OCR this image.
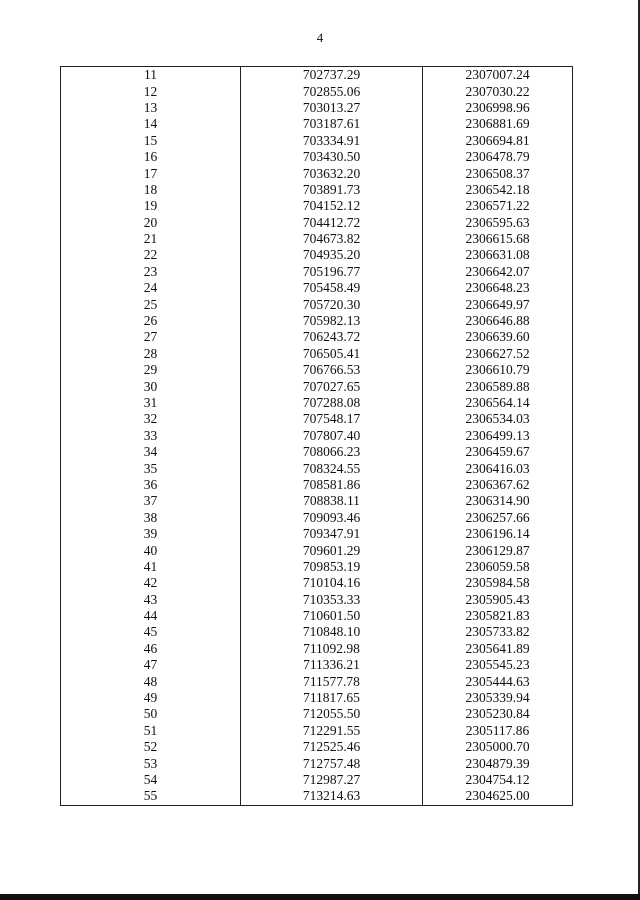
4
11	702737.29	2307007.24
12	702855.06	2307030.22
13	703013.27	2306998.96
14	703187.61	2306881.69
15	703334.91	2306694.81
16	703430.50	2306478.79
17	703632.20	2306508.37
18	703891.73	2306542.18
19	704152.12	2306571.22
20	704412.72	2306595.63
21	704673.82	2306615.68
22	704935.20	2306631.08
23	705196.77	2306642.07
24	705458.49	2306648.23
25	705720.30	2306649.97
26	705982.13	2306646.88
27	706243.72	2306639.60
28	706505.41	2306627.52
29	706766.53	2306610.79
30	707027.65	2306589.88
31	707288.08	2306564.14
32	707548.17	2306534.03
33	707807.40	2306499.13
34	708066.23	2306459.67
35	708324.55	2306416.03
36	708581.86	2306367.62
37	708838.11	2306314.90
38	709093.46	2306257.66
39	709347.91	2306196.14
40	709601.29	2306129.87
41	709853.19	2306059.58
42	710104.16	2305984.58
43	710353.33	2305905.43
44	710601.50	2305821.83
45	710848.10	2305733.82
46	711092.98	2305641.89
47	711336.21	2305545.23
48	711577.78	2305444.63
49	711817.65	2305339.94
50	712055.50	2305230.84
51	712291.55	2305117.86
52	712525.46	2305000.70
53	712757.48	2304879.39
54	712987.27	2304754.12
55	713214.63	2304625.00
